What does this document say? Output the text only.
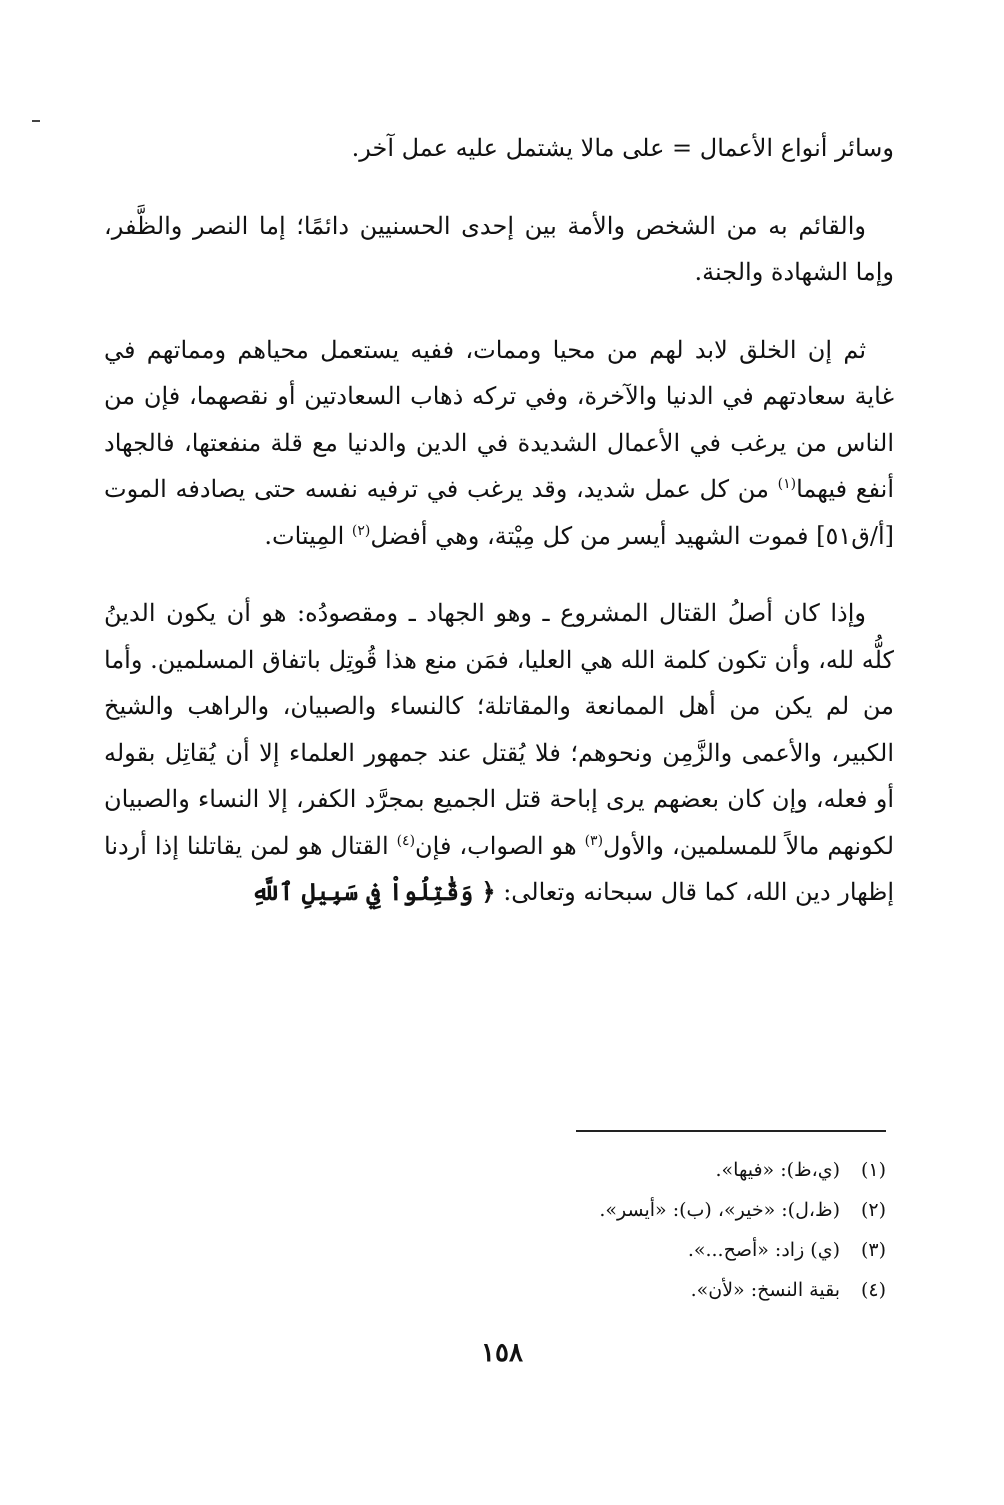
وسائر أنواع الأعمال = على مالا يشتمل عليه عمل آخر.

والقائم به من الشخص والأمة بين إحدى الحسنيين دائمًا؛ إما النصر والظَّفر، وإما الشهادة والجنة.

ثم إن الخلق لابد لهم من محيا وممات، ففيه يستعمل محياهم ومماتهم في غاية سعادتهم في الدنيا والآخرة، وفي تركه ذهاب السعادتين أو نقصهما، فإن من الناس من يرغب في الأعمال الشديدة في الدين والدنيا مع قلة منفعتها، فالجهاد أنفع فيهما$^{(١)}$ من كل عمل شديد، وقد يرغب في ترفيه نفسه حتى يصادفه الموت [أ/ق٥١] فموت الشهيد أيسر من كل مِيْتة، وهي أفضل$^{(٢)}$ المِيتات.

وإذا كان أصلُ القتال المشروع ـ وهو الجهاد ـ ومقصودُه: هو أن يكون الدينُ كلُّه لله، وأن تكون كلمة الله هي العليا، فمَن منع هذا قُوتِل باتفاق المسلمين. وأما من لم يكن من أهل الممانعة والمقاتلة؛ كالنساء والصبيان، والراهب والشيخ الكبير، والأعمى والزَّمِن ونحوهم؛ فلا يُقتل عند جمهور العلماء إلا أن يُقاتِل بقوله أو فعله، وإن كان بعضهم يرى إباحة قتل الجميع بمجرَّد الكفر، إلا النساء والصبيان لكونهم مالاً للمسلمين، والأول$^{(٣)}$ هو الصواب، فإن$^{(٤)}$ القتال هو لمن يقاتلنا إذا أردنا إظهار دين الله، كما قال سبحانه وتعالى: ﴿ وَقَٰتِلُواْ فِي سَبِيلِ ٱللَّهِ

(١)
(ي،ظ): «فيها».
(٢)
(ظ،ل): «خير»، (ب): «أيسر».
(٣)
(ي) زاد: «أصح...».
(٤)
بقية النسخ: «لأن».
١٥٨
